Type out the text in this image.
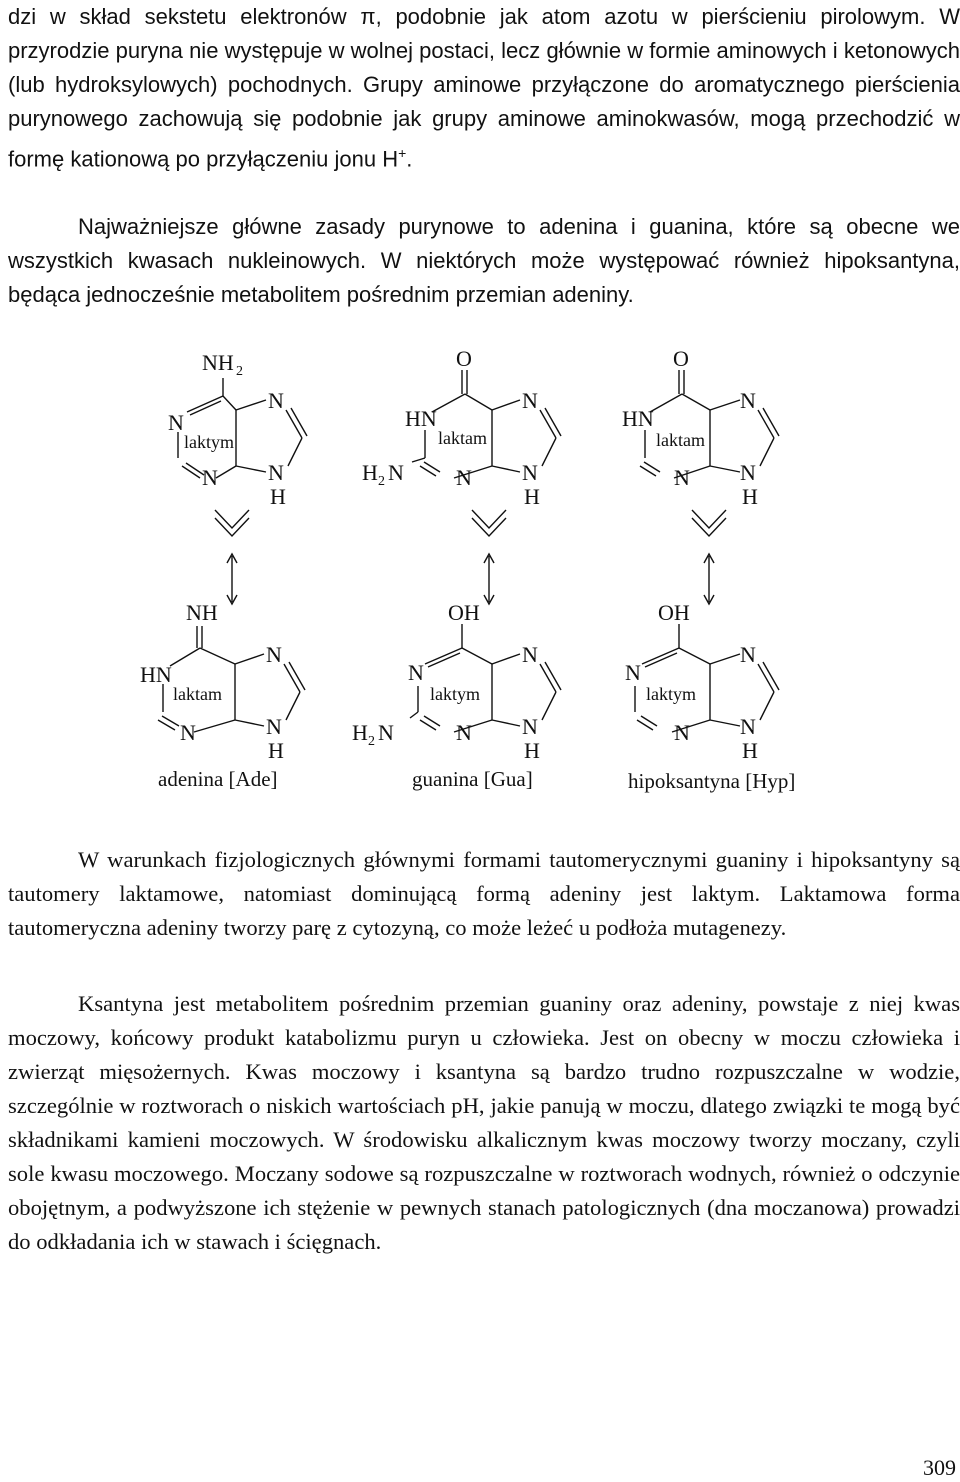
dzi w skład sekstetu elektronów π, podobnie jak atom azotu w pierścieniu pirolowym. W przyrodzie puryna nie występuje w wolnej postaci, lecz głównie w formie aminowych i ketonowych (lub hydroksylowych) pochodnych. Grupy aminowe przyłączone do aromatycznego pierścienia purynowego zachowują się podobnie jak grupy aminowe aminokwasów, mogą przechodzić w formę kationową po przyłączeniu jonu H+.

Najważniejsze główne zasady purynowe to adenina i guanina, które są obecne we wszystkich kwasach nukleinowych. W niektórych może występować również hipoksantyna, będąca jednocześnie metabolitem pośrednim przemian adeniny.

NH 2
N
N
N
N
H
laktym
O
HN
N
N
N
H
laktam
H 2 N
O
HN
N
N
N
H
laktam
NH
HN
N
N
N
H
laktam
OH
N
N
N
N
H
laktym
H 2 N
OH
N
N
N
N
H
laktym
adenina [Ade]	guanina [Gua]	hipoksantyna [Hyp]

W warunkach fizjologicznych głównymi formami tautomerycznymi guaniny i hipoksantyny są tautomery laktamowe, natomiast dominującą formą adeniny jest laktym. Laktamowa forma tautomeryczna adeniny tworzy parę z cytozyną, co może leżeć u podłoża mutagenezy.

Ksantyna jest metabolitem pośrednim przemian guaniny oraz adeniny, powstaje z niej kwas moczowy, końcowy produkt katabolizmu puryn u człowieka. Jest on obecny w moczu człowieka i zwierząt mięsożernych. Kwas moczowy i ksantyna są bardzo trudno rozpuszczalne w wodzie, szczególnie w roztworach o niskich wartościach pH, jakie panują w moczu, dlatego związki te mogą być składnikami kamieni moczowych. W środowisku alkalicznym kwas moczowy tworzy moczany, czyli sole kwasu moczowego. Moczany sodowe są rozpuszczalne w roztworach wodnych, również o odczynie obojętnym, a podwyższone ich stężenie w pewnych stanach patologicznych (dna moczanowa) prowadzi do odkładania ich w stawach i ścięgnach.

309
